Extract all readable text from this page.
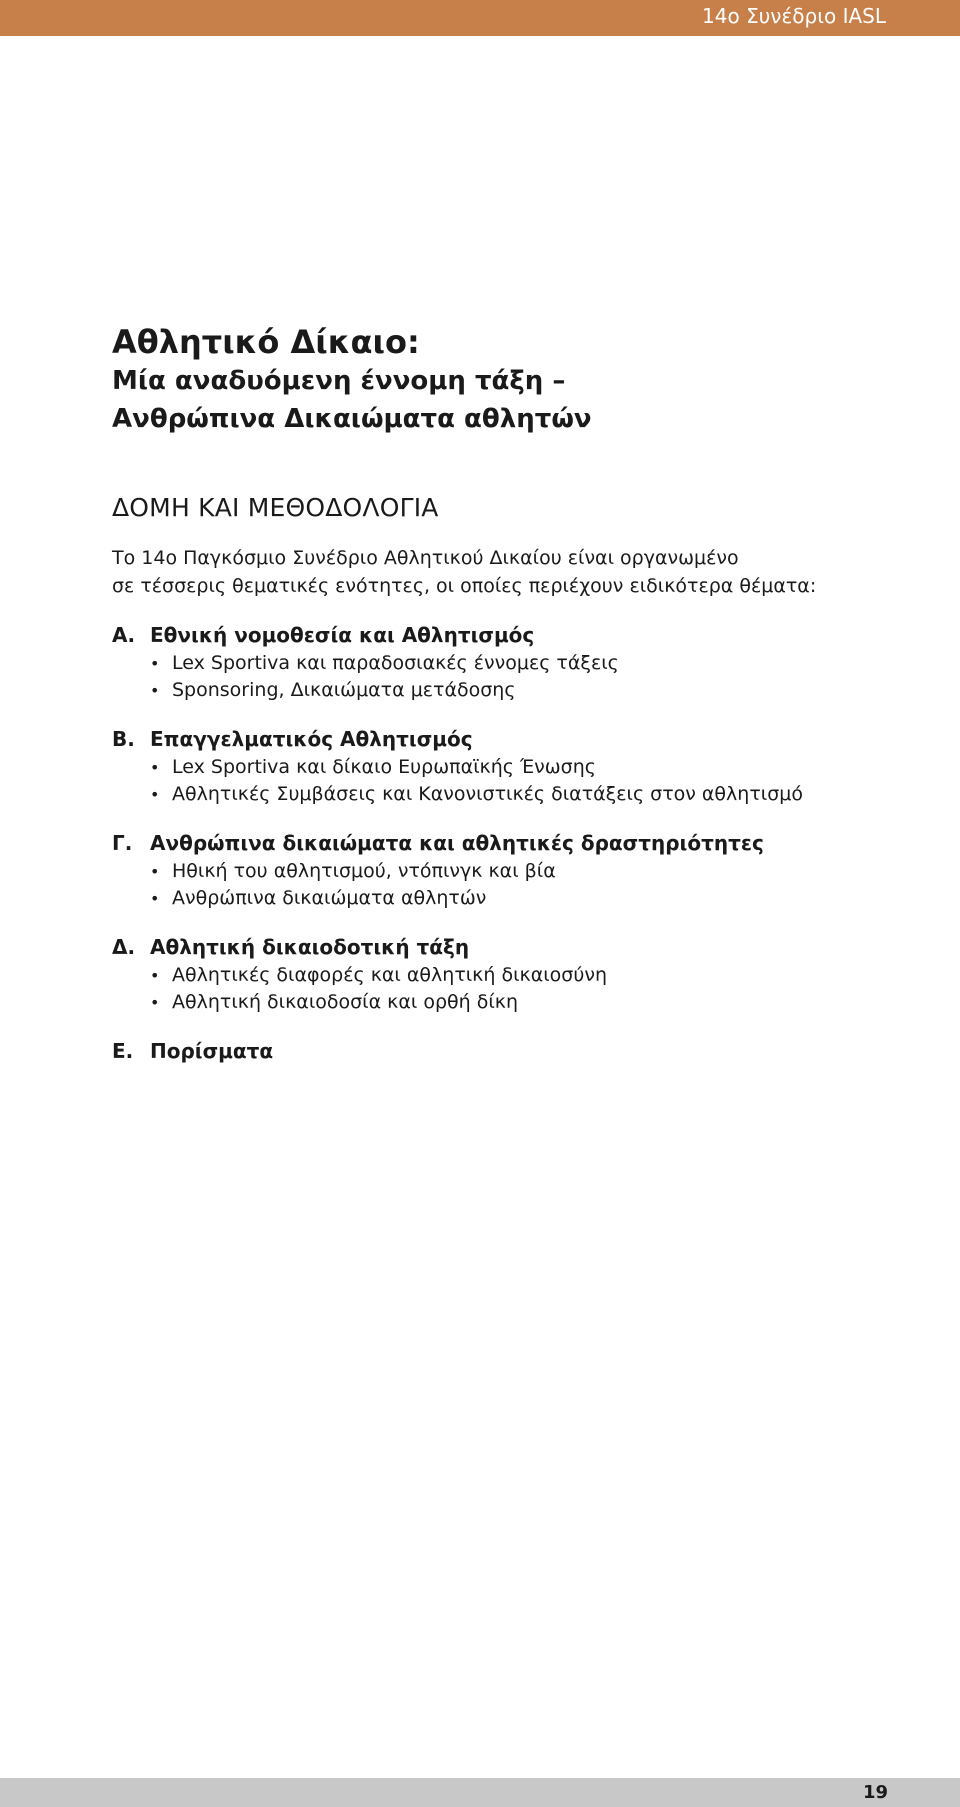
14ο Συνέδριο IASL
Αθλητικό Δίκαιο:
Μία αναδυόμενη έννομη τάξη –
Ανθρώπινα Δικαιώματα αθλητών
ΔΟΜΗ ΚΑΙ ΜΕΘΟΔΟΛΟΓΙΑ
Το 14ο Παγκόσμιο Συνέδριο Αθλητικού Δικαίου είναι οργανωμένο
σε τέσσερις θεματικές ενότητες, οι οποίες περιέχουν ειδικότερα θέματα:
Α. Εθνική νομοθεσία και Αθλητισμός
• Lex Sportiva και παραδοσιακές έννομες τάξεις
• Sponsoring, Δικαιώματα μετάδοσης
Β. Επαγγελματικός Αθλητισμός
• Lex Sportiva και δίκαιο Ευρωπαϊκής Ένωσης
• Αθλητικές Συμβάσεις και Κανονιστικές διατάξεις στον αθλητισμό
Γ. Ανθρώπινα δικαιώματα και αθλητικές δραστηριότητες
• Ηθική του αθλητισμού, ντόπινγκ και βία
• Ανθρώπινα δικαιώματα αθλητών
Δ. Αθλητική δικαιοδοτική τάξη
• Αθλητικές διαφορές και αθλητική δικαιοσύνη
• Αθλητική δικαιοδοσία και ορθή δίκη
Ε. Πορίσματα
19
